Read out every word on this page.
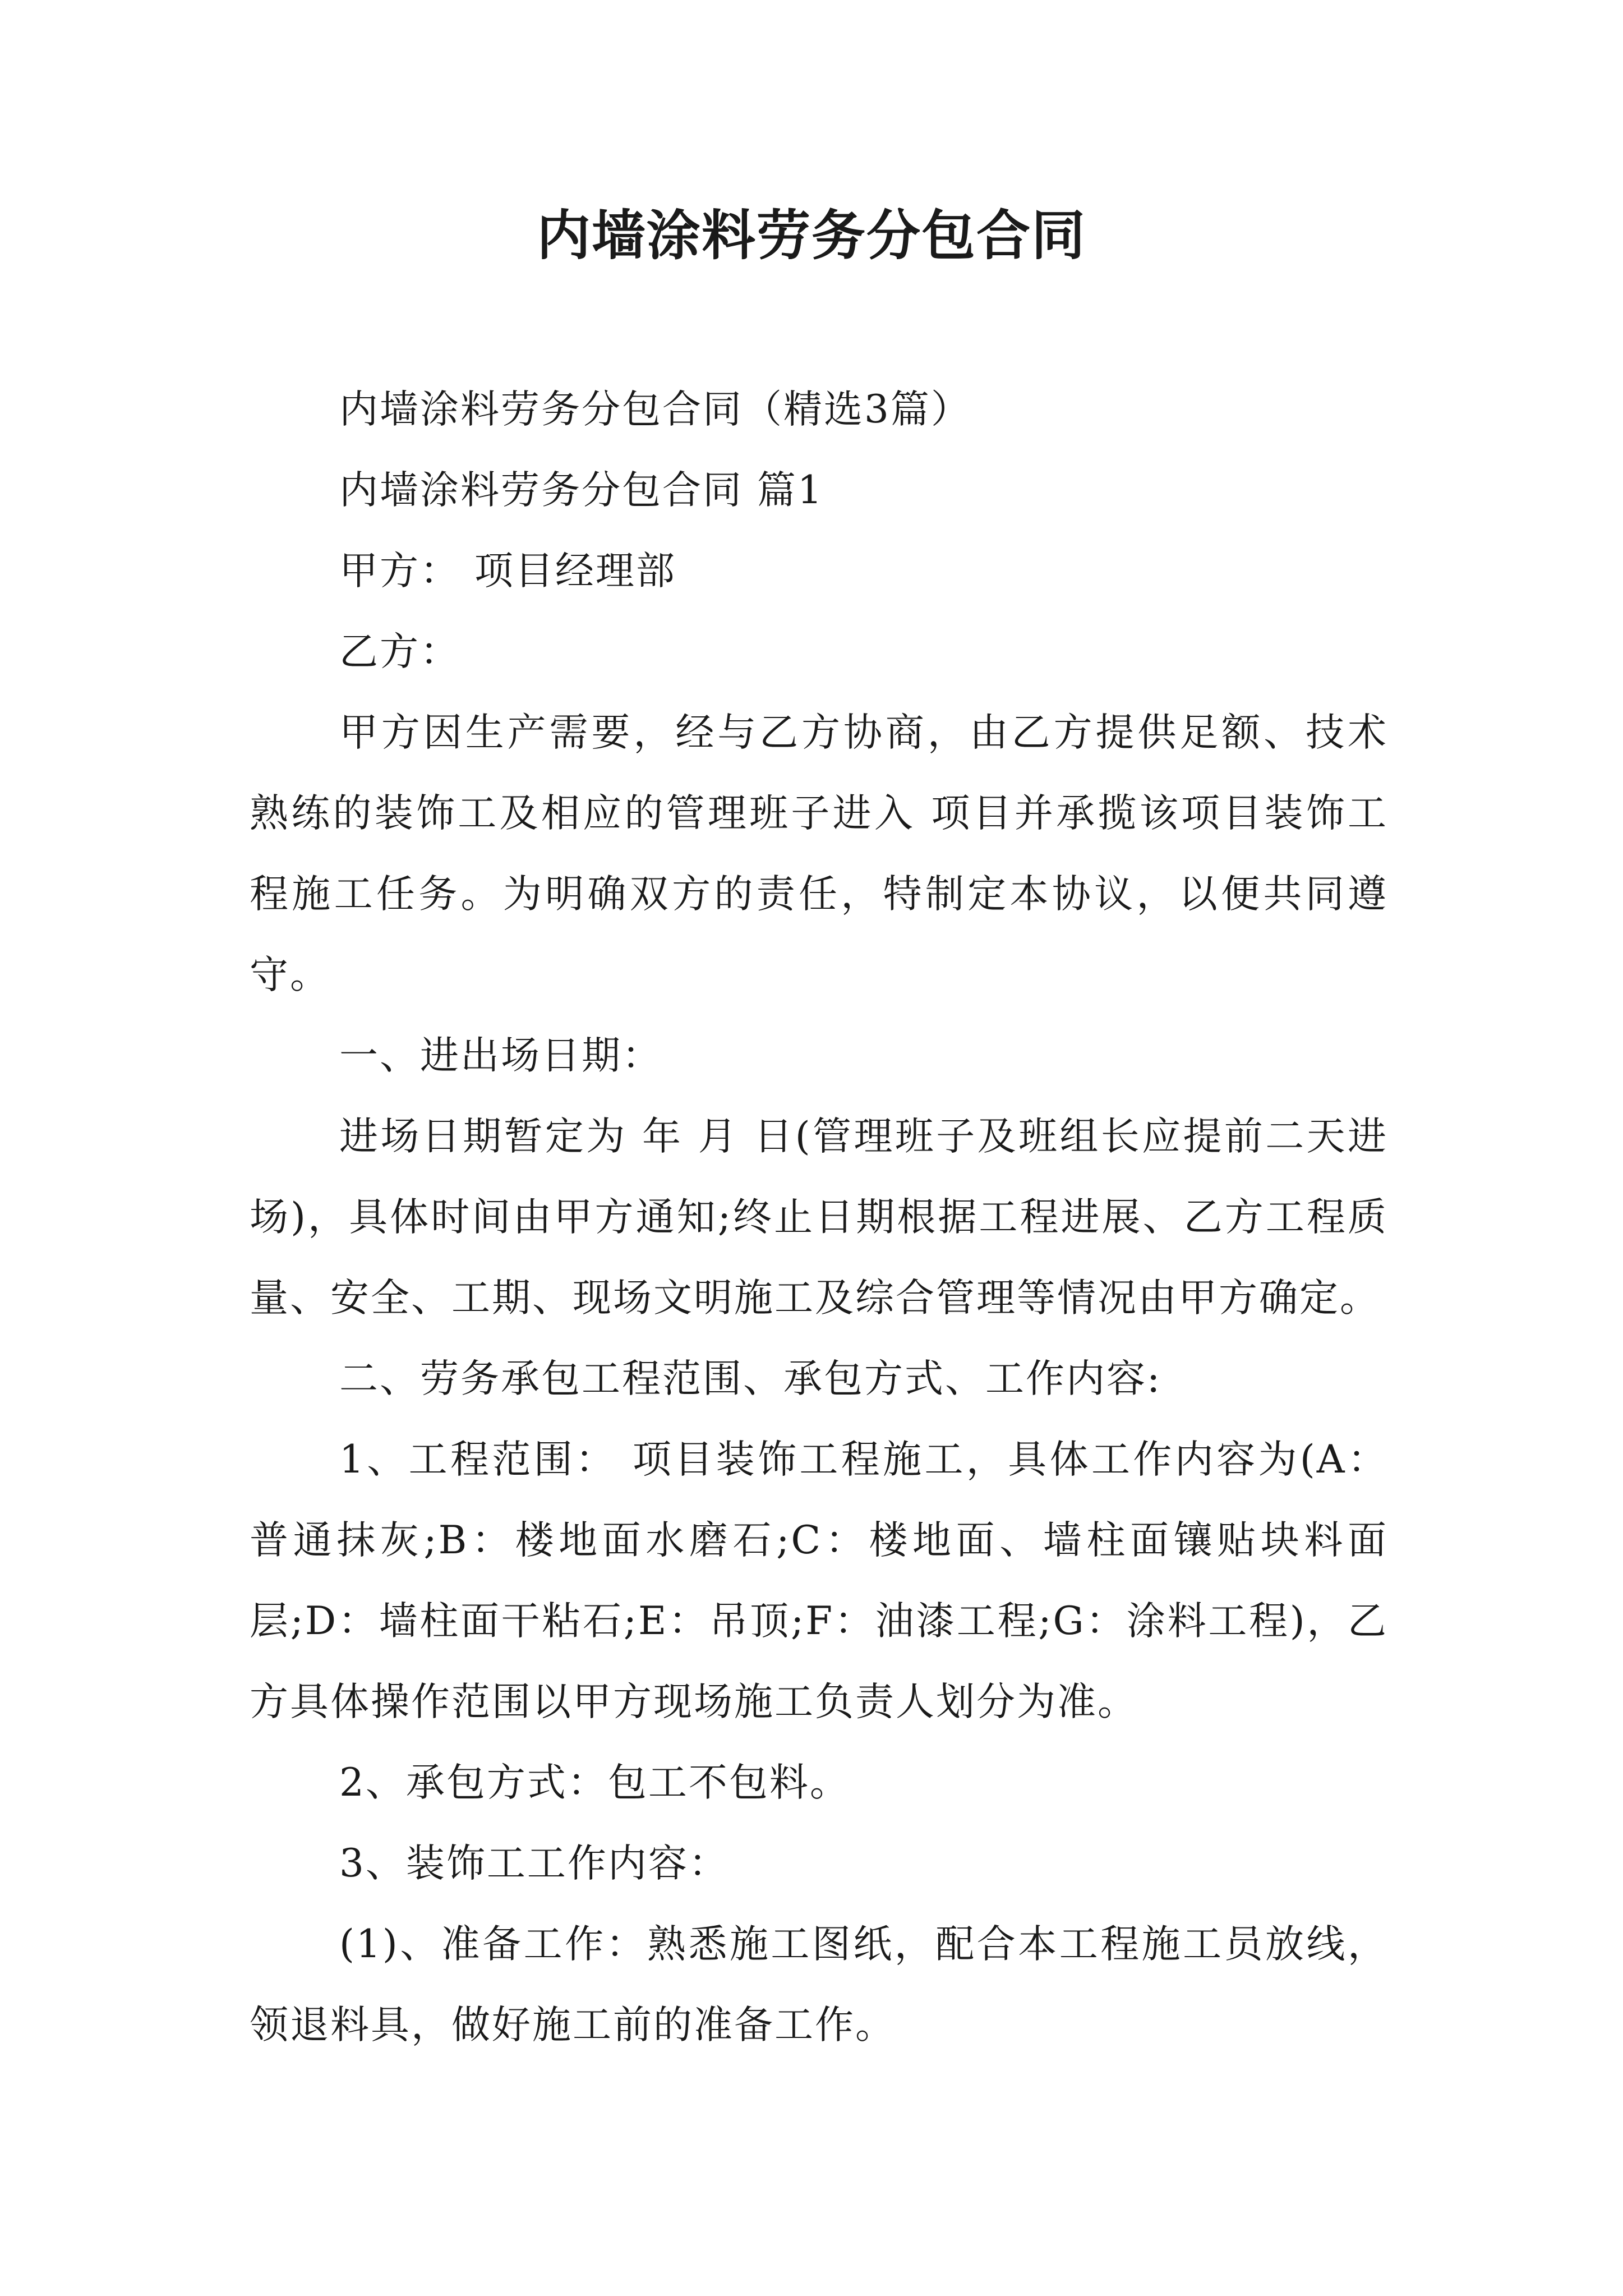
内墙涂料劳务分包合同

内墙涂料劳务分包合同（精选3篇）

内墙涂料劳务分包合同 篇1

甲方： 项目经理部

乙方：

甲方因生产需要，经与乙方协商，由乙方提供足额、技术熟练的装饰工及相应的管理班子进入 项目并承揽该项目装饰工程施工任务。为明确双方的责任，特制定本协议，以便共同遵守。

一、进出场日期：

进场日期暂定为 年 月 日(管理班子及班组长应提前二天进场)，具体时间由甲方通知;终止日期根据工程进展、乙方工程质量、安全、工期、现场文明施工及综合管理等情况由甲方确定。

二、劳务承包工程范围、承包方式、工作内容:

1、工程范围： 项目装饰工程施工，具体工作内容为(A：普通抹灰;B：楼地面水磨石;C：楼地面、墙柱面镶贴块料面层;D：墙柱面干粘石;E：吊顶;F：油漆工程;G：涂料工程)，乙方具体操作范围以甲方现场施工负责人划分为准。

2、承包方式：包工不包料。

3、装饰工工作内容：

(1)、准备工作：熟悉施工图纸，配合本工程施工员放线，领退料具，做好施工前的准备工作。
